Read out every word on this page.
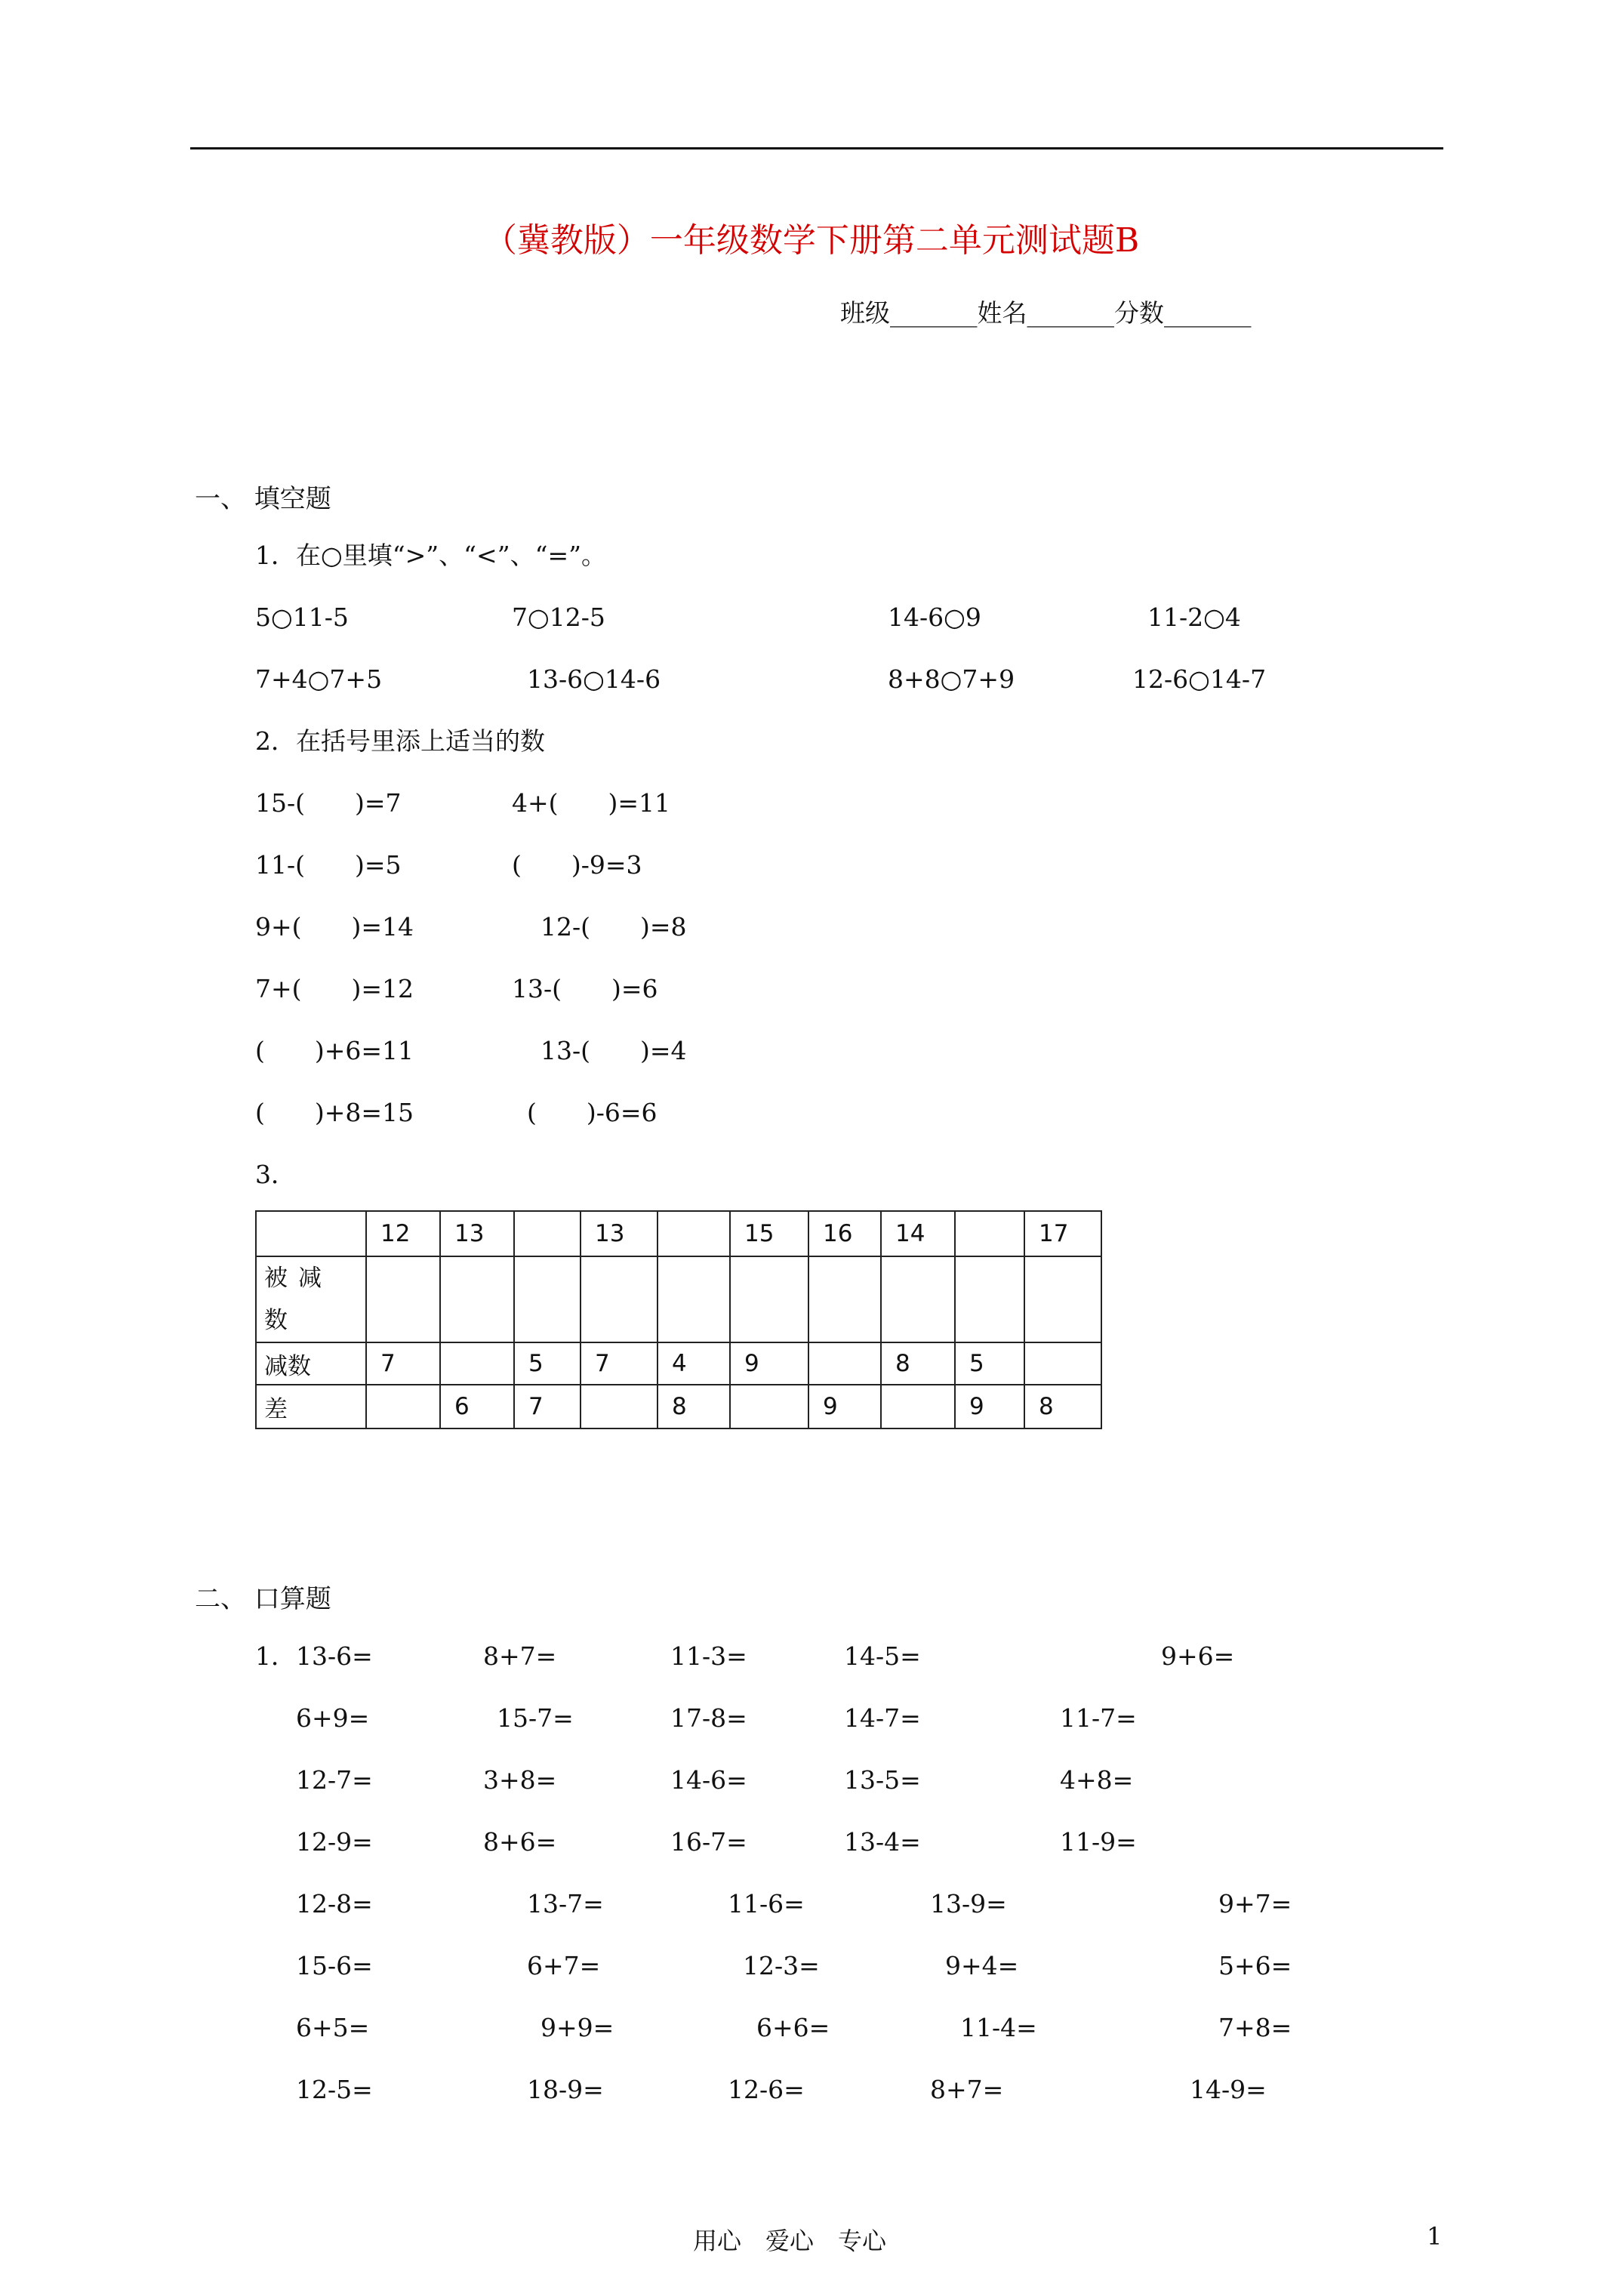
（冀教版）一年级数学下册第二单元测试题B
班级_______姓名_______分数_______
一、 填空题
1．在○里填“>”、“<”、“=”。
5○11-5	7○12-5	14-6○9	11-2○4
7+4○7+5	13-6○14-6	8+8○7+9	12-6○14-7
2．在括号里添上适当的数
15-(　　)=7	4+(　　)=11
11-(　　)=5	(　　)-9=3
9+(　　)=14	12-(　　)=8
7+(　　)=12	13-(　　)=6
(　　)+6=11	13-(　　)=4
(　　)+8=15	(　　)-6=6
3．
	12	13		13		15	16	14		17
被减数										
减数	7		5	7	4	9		8	5	
差		6	7		8		9		9	8
二、 口算题
1． 13-6=	8+7=	11-3=	14-5=	9+6=
6+9=	15-7=	17-8=	14-7=	11-7=
12-7=	3+8=	14-6=	13-5=	4+8=
12-9=	8+6=	16-7=	13-4=	11-9=
12-8=	13-7=	11-6=	13-9=	9+7=
15-6=	6+7=	12-3=	9+4=	5+6=
6+5=	9+9=	6+6=	11-4=	7+8=
12-5=	18-9=	12-6=	8+7=	14-9=
用心　爱心　专心	1
